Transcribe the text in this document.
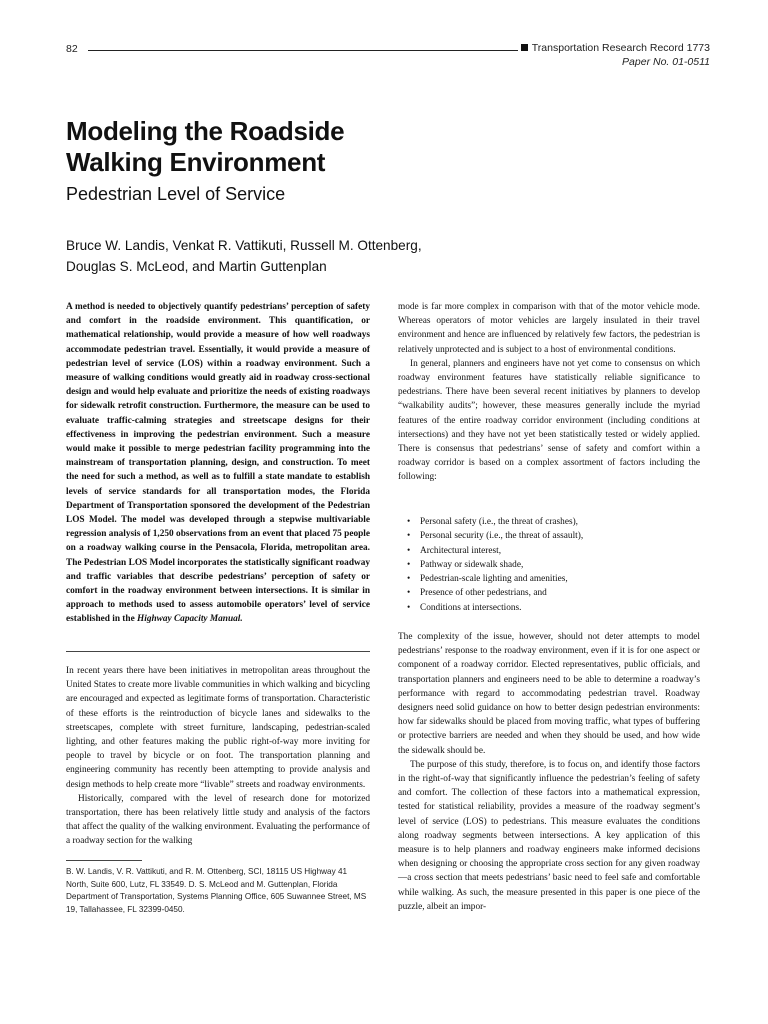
82	Transportation Research Record 1773
Paper No. 01-0511
Modeling the Roadside
Walking Environment
Pedestrian Level of Service
Bruce W. Landis, Venkat R. Vattikuti, Russell M. Ottenberg,
Douglas S. McLeod, and Martin Guttenplan

A method is needed to objectively quantify pedestrians’ perception of safety and comfort in the roadside environment. This quantification, or mathematical relationship, would provide a measure of how well roadways accommodate pedestrian travel. Essentially, it would provide a measure of pedestrian level of service (LOS) within a roadway environment. Such a measure of walking conditions would greatly aid in roadway cross-sectional design and would help evaluate and prioritize the needs of existing roadways for sidewalk retrofit construction. Furthermore, the measure can be used to evaluate traffic-calming strategies and streetscape designs for their effectiveness in improving the pedestrian environment. Such a measure would make it possible to merge pedestrian facility programming into the mainstream of transportation planning, design, and construction. To meet the need for such a method, as well as to fulfill a state mandate to establish levels of service standards for all transportation modes, the Florida Department of Transportation sponsored the development of the Pedestrian LOS Model. The model was developed through a stepwise multivariable regression analysis of 1,250 observations from an event that placed 75 people on a roadway walking course in the Pensacola, Florida, metropolitan area. The Pedestrian LOS Model incorporates the statistically significant roadway and traffic variables that describe pedestrians’ perception of safety or comfort in the roadway environment between intersections. It is similar in approach to methods used to assess automobile operators’ level of service established in the Highway Capacity Manual.

In recent years there have been initiatives in metropolitan areas throughout the United States to create more livable communities in which walking and bicycling are encouraged and expected as legitimate forms of transportation. Characteristic of these efforts is the reintroduction of bicycle lanes and sidewalks to the streetscapes, complete with street furniture, landscaping, pedestrian-scaled lighting, and other features making the public right-of-way more inviting for people to travel by bicycle or on foot. The transportation planning and engineering community has recently been attempting to provide analysis and design methods to help create more “livable” streets and roadway environments.

Historically, compared with the level of research done for motorized transportation, there has been relatively little study and analysis of the factors that affect the quality of the walking environment. Evaluating the performance of a roadway section for the walking

B. W. Landis, V. R. Vattikuti, and R. M. Ottenberg, SCI, 18115 US Highway 41 North, Suite 600, Lutz, FL 33549. D. S. McLeod and M. Guttenplan, Florida Department of Transportation, Systems Planning Office, 605 Suwannee Street, MS 19, Tallahassee, FL 32399-0450.

mode is far more complex in comparison with that of the motor vehicle mode. Whereas operators of motor vehicles are largely insulated in their travel environment and hence are influenced by relatively few factors, the pedestrian is relatively unprotected and is subject to a host of environmental conditions.

In general, planners and engineers have not yet come to consensus on which roadway environment features have statistically reliable significance to pedestrians. There have been several recent initiatives by planners to develop “walkability audits”; however, these measures generally include the myriad features of the entire roadway corridor environment (including conditions at intersections) and they have not yet been statistically tested or widely applied. There is consensus that pedestrians’ sense of safety and comfort within a roadway corridor is based on a complex assortment of factors including the following:

• Personal safety (i.e., the threat of crashes),
• Personal security (i.e., the threat of assault),
• Architectural interest,
• Pathway or sidewalk shade,
• Pedestrian-scale lighting and amenities,
• Presence of other pedestrians, and
• Conditions at intersections.

The complexity of the issue, however, should not deter attempts to model pedestrians’ response to the roadway environment, even if it is for one aspect or component of a roadway corridor. Elected representatives, public officials, and transportation planners and engineers need to be able to determine a roadway’s performance with regard to accommodating pedestrian travel. Roadway designers need solid guidance on how to better design pedestrian environments: how far sidewalks should be placed from moving traffic, what types of buffering or protective barriers are needed and when they should be used, and how wide the sidewalk should be.

The purpose of this study, therefore, is to focus on, and identify those factors in the right-of-way that significantly influence the pedestrian’s feeling of safety and comfort. The collection of these factors into a mathematical expression, tested for statistical reliability, provides a measure of the roadway segment’s level of service (LOS) to pedestrians. This measure evaluates the conditions along roadway segments between intersections. A key application of this measure is to help planners and roadway engineers make informed decisions when designing or choosing the appropriate cross section for any given roadway—a cross section that meets pedestrians’ basic need to feel safe and comfortable while walking. As such, the measure presented in this paper is one piece of the puzzle, albeit an impor-
